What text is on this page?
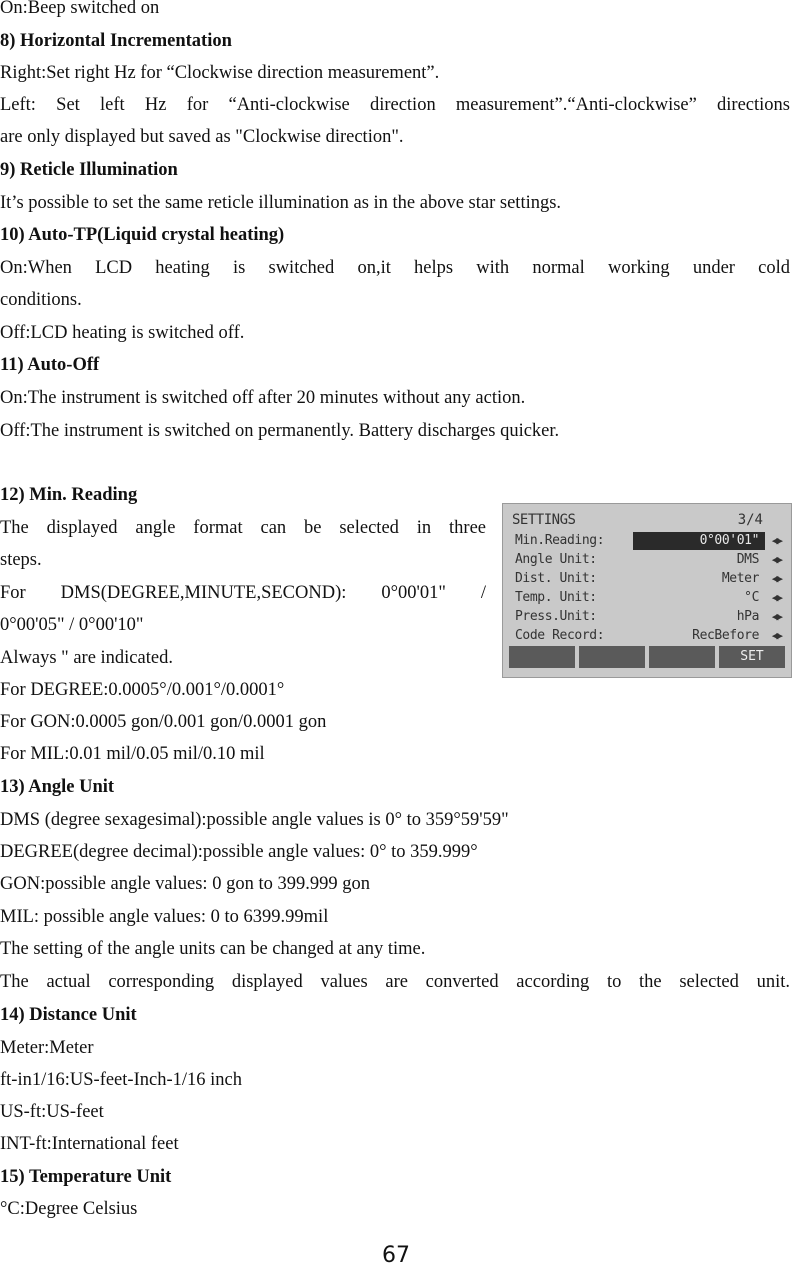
On:Beep switched on
8) Horizontal Incrementation
Right:Set right Hz for “Clockwise direction measurement”.
Left: Set left Hz for “Anti-clockwise direction measurement”.“Anti-clockwise” directions
are only displayed but saved as "Clockwise direction".
9) Reticle Illumination
It’s possible to set the same reticle illumination as in the above star settings.
10) Auto-TP(Liquid crystal heating)
On:When LCD heating is switched on,it helps with normal working under cold
conditions.
Off:LCD heating is switched off.
11) Auto-Off
On:The instrument is switched off after 20 minutes without any action.
Off:The instrument is switched on permanently. Battery discharges quicker.
12) Min. Reading
The displayed angle format can be selected in three
steps.
For DMS(DEGREE,MINUTE,SECOND): 0°00'01" /
0°00'05" / 0°00'10"
Always " are indicated.
For DEGREE:0.0005°/0.001°/0.0001°
For GON:0.0005 gon/0.001 gon/0.0001 gon
For MIL:0.01 mil/0.05 mil/0.10 mil
13) Angle Unit
DMS (degree sexagesimal):possible angle values is 0° to 359°59'59"
DEGREE(degree decimal):possible angle values: 0° to 359.999°
GON:possible angle values: 0 gon to 399.999 gon
MIL: possible angle values: 0 to 6399.99mil
The setting of the angle units can be changed at any time.
The actual corresponding displayed values are converted according to the selected unit.
14) Distance Unit
Meter:Meter
ft-in1/16:US-feet-Inch-1/16 inch
US-ft:US-feet
INT-ft:International feet
15) Temperature Unit
°C:Degree Celsius
67
SETTINGS	3/4
Min.Reading:	0°00'01" ◀▶
Angle Unit:	DMS ◀▶
Dist. Unit:	Meter ◀▶
Temp. Unit:	°C ◀▶
Press.Unit:	hPa ◀▶
Code Record:	RecBefore ◀▶
SET
